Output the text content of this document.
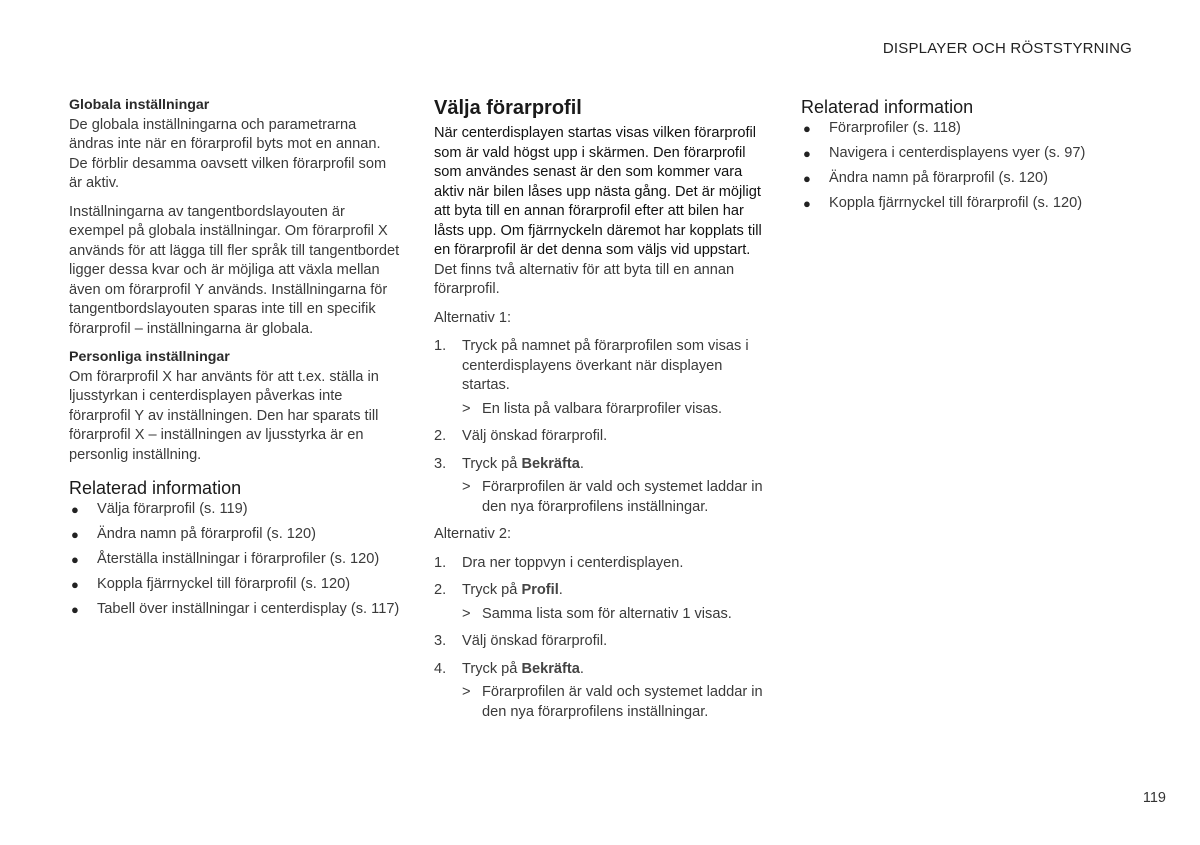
DISPLAYER OCH RÖSTSTYRNING
Globala inställningar

De globala inställningarna och parametrarna ändras inte när en förarprofil byts mot en annan. De förblir desamma oavsett vilken förarprofil som är aktiv.

Inställningarna av tangentbordslayouten är exempel på globala inställningar. Om förarprofil X används för att lägga till fler språk till tangentbordet ligger dessa kvar och är möjliga att växla mellan även om förarprofil Y används. Inställningarna för tangentbordslayouten sparas inte till en specifik förarprofil – inställningarna är globala.

Personliga inställningar

Om förarprofil X har använts för att t.ex. ställa in ljusstyrkan i centerdisplayen påverkas inte förarprofil Y av inställningen. Den har sparats till förarprofil X – inställningen av ljusstyrka är en personlig inställning.

Relaterad information
● Välja förarprofil (s. 119)
● Ändra namn på förarprofil (s. 120)
● Återställa inställningar i förarprofiler (s. 120)
● Koppla fjärrnyckel till förarprofil (s. 120)
● Tabell över inställningar i centerdisplay (s. 117)
Välja förarprofil

När centerdisplayen startas visas vilken förarprofil som är vald högst upp i skärmen. Den förarprofil som användes senast är den som kommer vara aktiv när bilen låses upp nästa gång. Det är möjligt att byta till en annan förarprofil efter att bilen har låsts upp. Om fjärrnyckeln däremot har kopplats till en förarprofil är det denna som väljs vid uppstart.

Det finns två alternativ för att byta till en annan förarprofil.

Alternativ 1:

1. Tryck på namnet på förarprofilen som visas i centerdisplayens överkant när displayen startas.
> En lista på valbara förarprofiler visas.
2. Välj önskad förarprofil.
3. Tryck på Bekräfta.
> Förarprofilen är vald och systemet laddar in den nya förarprofilens inställningar.

Alternativ 2:

1. Dra ner toppvyn i centerdisplayen.
2. Tryck på Profil.
> Samma lista som för alternativ 1 visas.
3. Välj önskad förarprofil.
4. Tryck på Bekräfta.
> Förarprofilen är vald och systemet laddar in den nya förarprofilens inställningar.
Relaterad information
● Förarprofiler (s. 118)
● Navigera i centerdisplayens vyer (s. 97)
● Ändra namn på förarprofil (s. 120)
● Koppla fjärrnyckel till förarprofil (s. 120)
119
